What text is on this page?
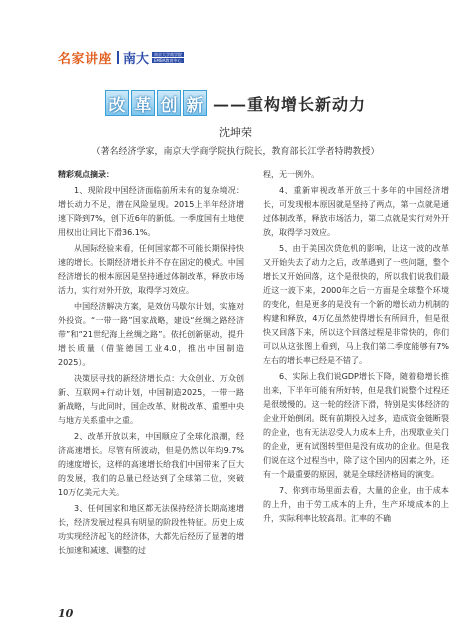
名家讲座 南大	南京大学商学院
EMBA教育中心
改 革 创 新 ——重构增长新动力
沈坤荣
（著名经济学家，南京大学商学院执行院长，教育部长江学者特聘教授）

精彩观点摘录：

1、现阶段中国经济面临前所未有的复杂境况：增长动力不足，潜在风险显现。2015上半年经济增速下降到7%，创下近6年的新低。一季度国有土地使用权出让同比下滑36.1%。

从国际经验来看，任何国家都不可能长期保持快速的增长。长期经济增长并不存在固定的模式。中国经济增长的根本原因是坚持通过体制改革，释放市场活力，实行对外开放，取得学习效应。

中国经济解决方案，是效仿马歇尔计划，实施对外投资。“一带一路”国家战略，建设“丝绸之路经济带”和“21世纪海上丝绸之路”。依托创新驱动，提升增长质量（借鉴德国工业4.0，推出中国制造2025）。

决策层寻找的新经济增长点：大众创业、万众创新、互联网+行动计划，中国制造2025，一带一路新战略，与此同时，国企改革、财税改革、重塑中央与地方关系重中之重。

2、改革开放以来，中国顺应了全球化浪潮，经济高速增长。尽管有所波动，但是仍然以年均9.7%的速度增长，这样的高速增长给我们中国带来了巨大的发展，我们的总量已经达到了全球第二位，突破10万亿美元大关。

3、任何国家和地区都无法保持经济长期高速增长，经济发展过程具有明显的阶段性特征。历史上成功实现经济起飞的经济体，大都先后经历了显著的增长加速和减速、调整的过

程，无一例外。

4、重新审视改革开放三十多年的中国经济增长，可发现根本原因就是坚持了两点，第一点就是通过体制改革，释放市场活力，第二点就是实行对外开放，取得学习效应。

5、由于美国次贷危机的影响，让这一波的改革又开始失去了动力之后，改革遇到了一些问题，整个增长又开始回落，这个是很快的，所以我们说我们最近这一波下来，2000年之后一方面是全球整个环境的变化，但是更多的是没有一个新的增长动力机制的构建和释放，4万亿虽然使得增长有所回升，但是很快又回落下来，所以这个回落过程是非常快的，你们可以从这张图上看到，马上我们第二季度能够有7%左右的增长率已经是不错了。

6、实际上我们说GDP增长下降，随着稳增长推出来，下半年可能有所好转，但是我们说整个过程还是很缓慢的。这一轮的经济下滑，特别是实体经济的企业开始倒闭。既有前期投入过多，造成资金链断裂的企业，也有无法忍受人力成本上升，出现歇业关门的企业，更有试图转型但是没有成功的企业。但是我们说在这个过程当中，除了这个国内的因素之外，还有一个最重要的原因，就是全球经济格局的演变。

7、你到市场里面去看，大量的企业，由于成本的上升，由于劳工成本的上升，生产环境成本的上升，实际利率比较高昂。汇率的不确

10
